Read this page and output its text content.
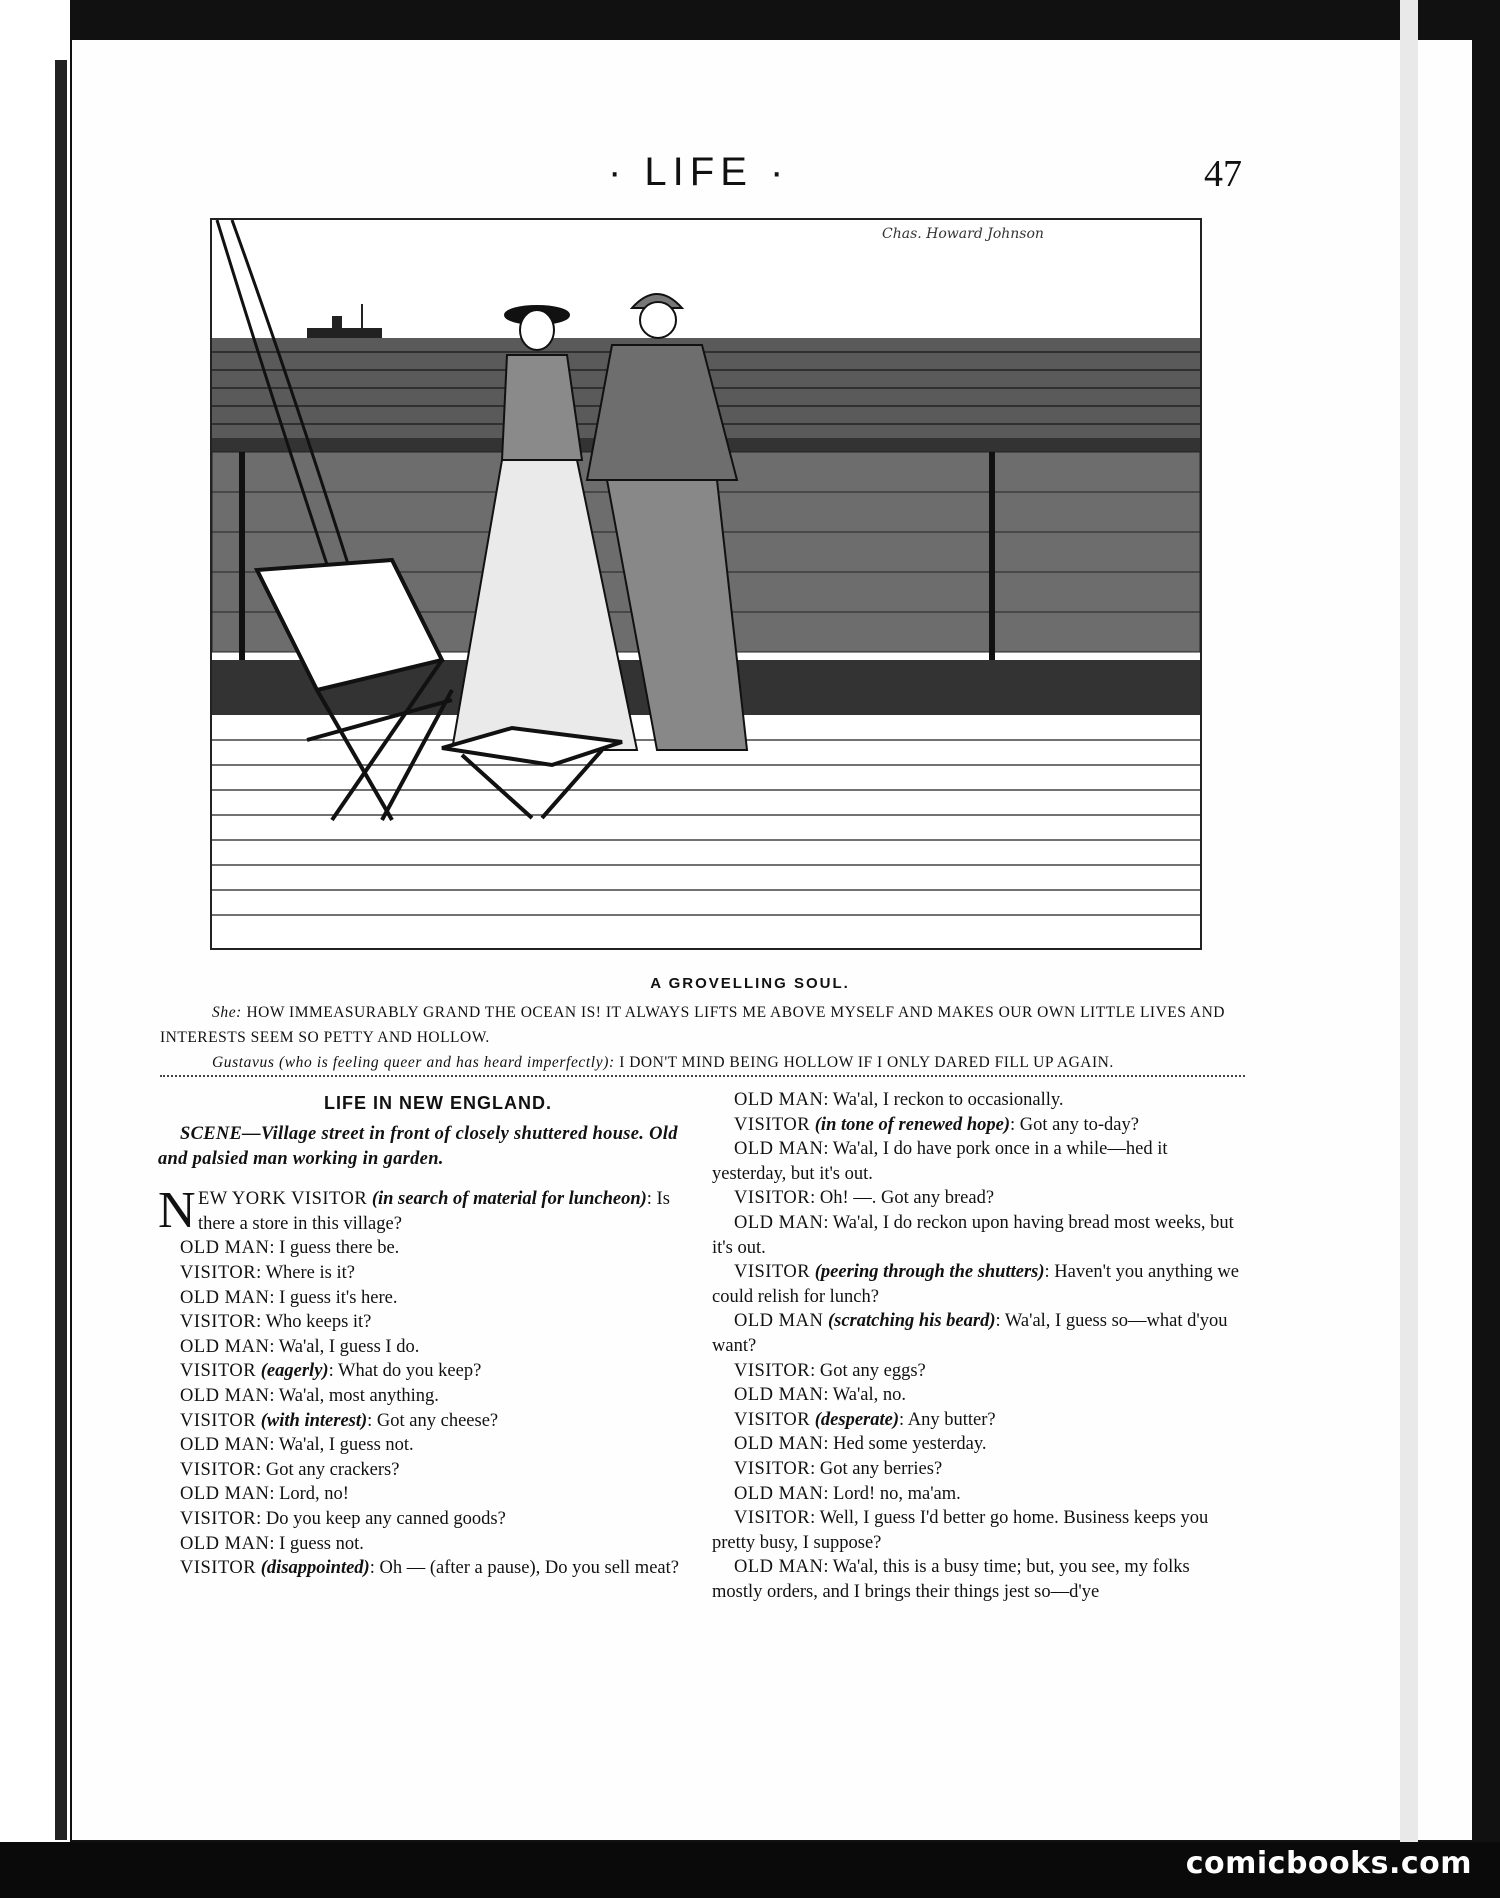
· LIFE ·	47
Chas. Howard Johnson
A GROVELLING SOUL.

She: HOW IMMEASURABLY GRAND THE OCEAN IS! IT ALWAYS LIFTS ME ABOVE MYSELF AND MAKES OUR OWN LITTLE LIVES AND INTERESTS SEEM SO PETTY AND HOLLOW.

Gustavus (who is feeling queer and has heard imperfectly): I DON'T MIND BEING HOLLOW IF I ONLY DARED FILL UP AGAIN.

LIFE IN NEW ENGLAND.

SCENE—Village street in front of closely shuttered house. Old and palsied man working in garden.

N EW YORK VISITOR (in search of material for luncheon): Is there a store in this village?

OLD MAN: I guess there be.

VISITOR: Where is it?

OLD MAN: I guess it's here.

VISITOR: Who keeps it?

OLD MAN: Wa'al, I guess I do.

VISITOR (eagerly): What do you keep?

OLD MAN: Wa'al, most anything.

VISITOR (with interest): Got any cheese?

OLD MAN: Wa'al, I guess not.

VISITOR: Got any crackers?

OLD MAN: Lord, no!

VISITOR: Do you keep any canned goods?

OLD MAN: I guess not.

VISITOR (disappointed): Oh — (after a pause), Do you sell meat?

OLD MAN: Wa'al, I reckon to occasionally.

VISITOR (in tone of renewed hope): Got any to-day?

OLD MAN: Wa'al, I do have pork once in a while—hed it yesterday, but it's out.

VISITOR: Oh! —. Got any bread?

OLD MAN: Wa'al, I do reckon upon having bread most weeks, but it's out.

VISITOR (peering through the shutters): Haven't you anything we could relish for lunch?

OLD MAN (scratching his beard): Wa'al, I guess so—what d'you want?

VISITOR: Got any eggs?

OLD MAN: Wa'al, no.

VISITOR (desperate): Any butter?

OLD MAN: Hed some yesterday.

VISITOR: Got any berries?

OLD MAN: Lord! no, ma'am.

VISITOR: Well, I guess I'd better go home. Business keeps you pretty busy, I suppose?

OLD MAN: Wa'al, this is a busy time; but, you see, my folks mostly orders, and I brings their things jest so—d'ye

comicbooks.com
